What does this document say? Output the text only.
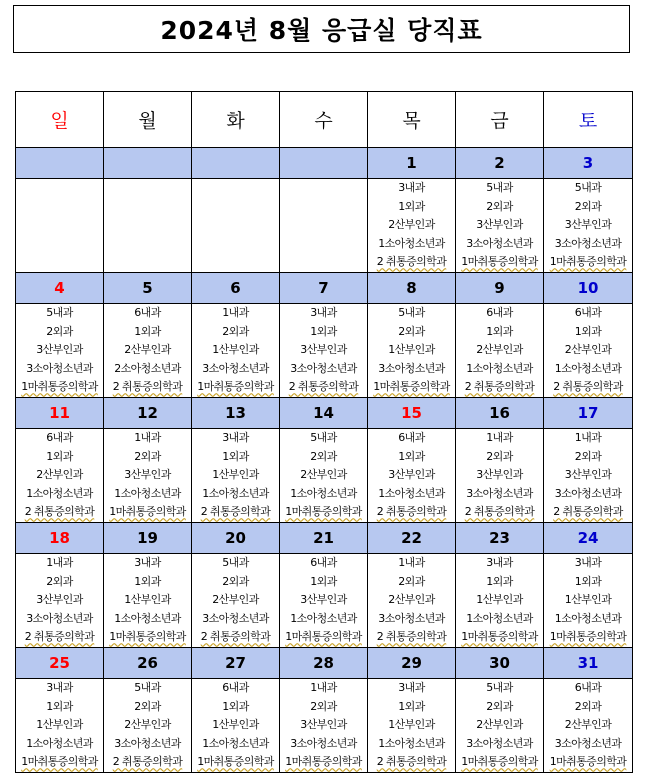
2024년 8월 응급실 당직표
일	월	화	수	목	금	토
				1	2	3

				3내과
1외과
2산부인과
1소아청소년과
2 취통증의학과	5내과
2외과
3산부인과
3소아청소년과
1마취통증의학과	5내과
2외과
3산부인과
3소아청소년과
1마취통증의학과

4	5	6	7	8	9	10

5내과
2외과
3산부인과
3소아청소년과
1마취통증의학과	6내과
1외과
2산부인과
2소아청소년과
2 취통증의학과	1내과
2외과
1산부인과
3소아청소년과
1마취통증의학과	3내과
1외과
3산부인과
3소아청소년과
2 취통증의학과	5내과
2외과
1산부인과
3소아청소년과
1마취통증의학과	6내과
1외과
2산부인과
1소아청소년과
2 취통증의학과	6내과
1외과
2산부인과
1소아청소년과
2 취통증의학과

11	12	13	14	15	16	17

6내과
1외과
2산부인과
1소아청소년과
2 취통증의학과	1내과
2외과
3산부인과
1소아청소년과
1마취통증의학과	3내과
1외과
1산부인과
1소아청소년과
2 취통증의학과	5내과
2외과
2산부인과
1소아청소년과
1마취통증의학과	6내과
1외과
3산부인과
1소아청소년과
2 취통증의학과	1내과
2외과
3산부인과
3소아청소년과
2 취통증의학과	1내과
2외과
3산부인과
3소아청소년과
2 취통증의학과

18	19	20	21	22	23	24

1내과
2외과
3산부인과
3소아청소년과
2 취통증의학과	3내과
1외과
1산부인과
1소아청소년과
1마취통증의학과	5내과
2외과
2산부인과
3소아청소년과
2 취통증의학과	6내과
1외과
3산부인과
1소아청소년과
1마취통증의학과	1내과
2외과
2산부인과
3소아청소년과
2 취통증의학과	3내과
1외과
1산부인과
1소아청소년과
1마취통증의학과	3내과
1외과
1산부인과
1소아청소년과
1마취통증의학과

25	26	27	28	29	30	31

3내과
1외과
1산부인과
1소아청소년과
1마취통증의학과	5내과
2외과
2산부인과
3소아청소년과
2 취통증의학과	6내과
1외과
1산부인과
1소아청소년과
1마취통증의학과	1내과
2외과
3산부인과
3소아청소년과
1마취통증의학과	3내과
1외과
1산부인과
1소아청소년과
2 취통증의학과	5내과
2외과
2산부인과
3소아청소년과
1마취통증의학과	6내과
2외과
2산부인과
3소아청소년과
1마취통증의학과
